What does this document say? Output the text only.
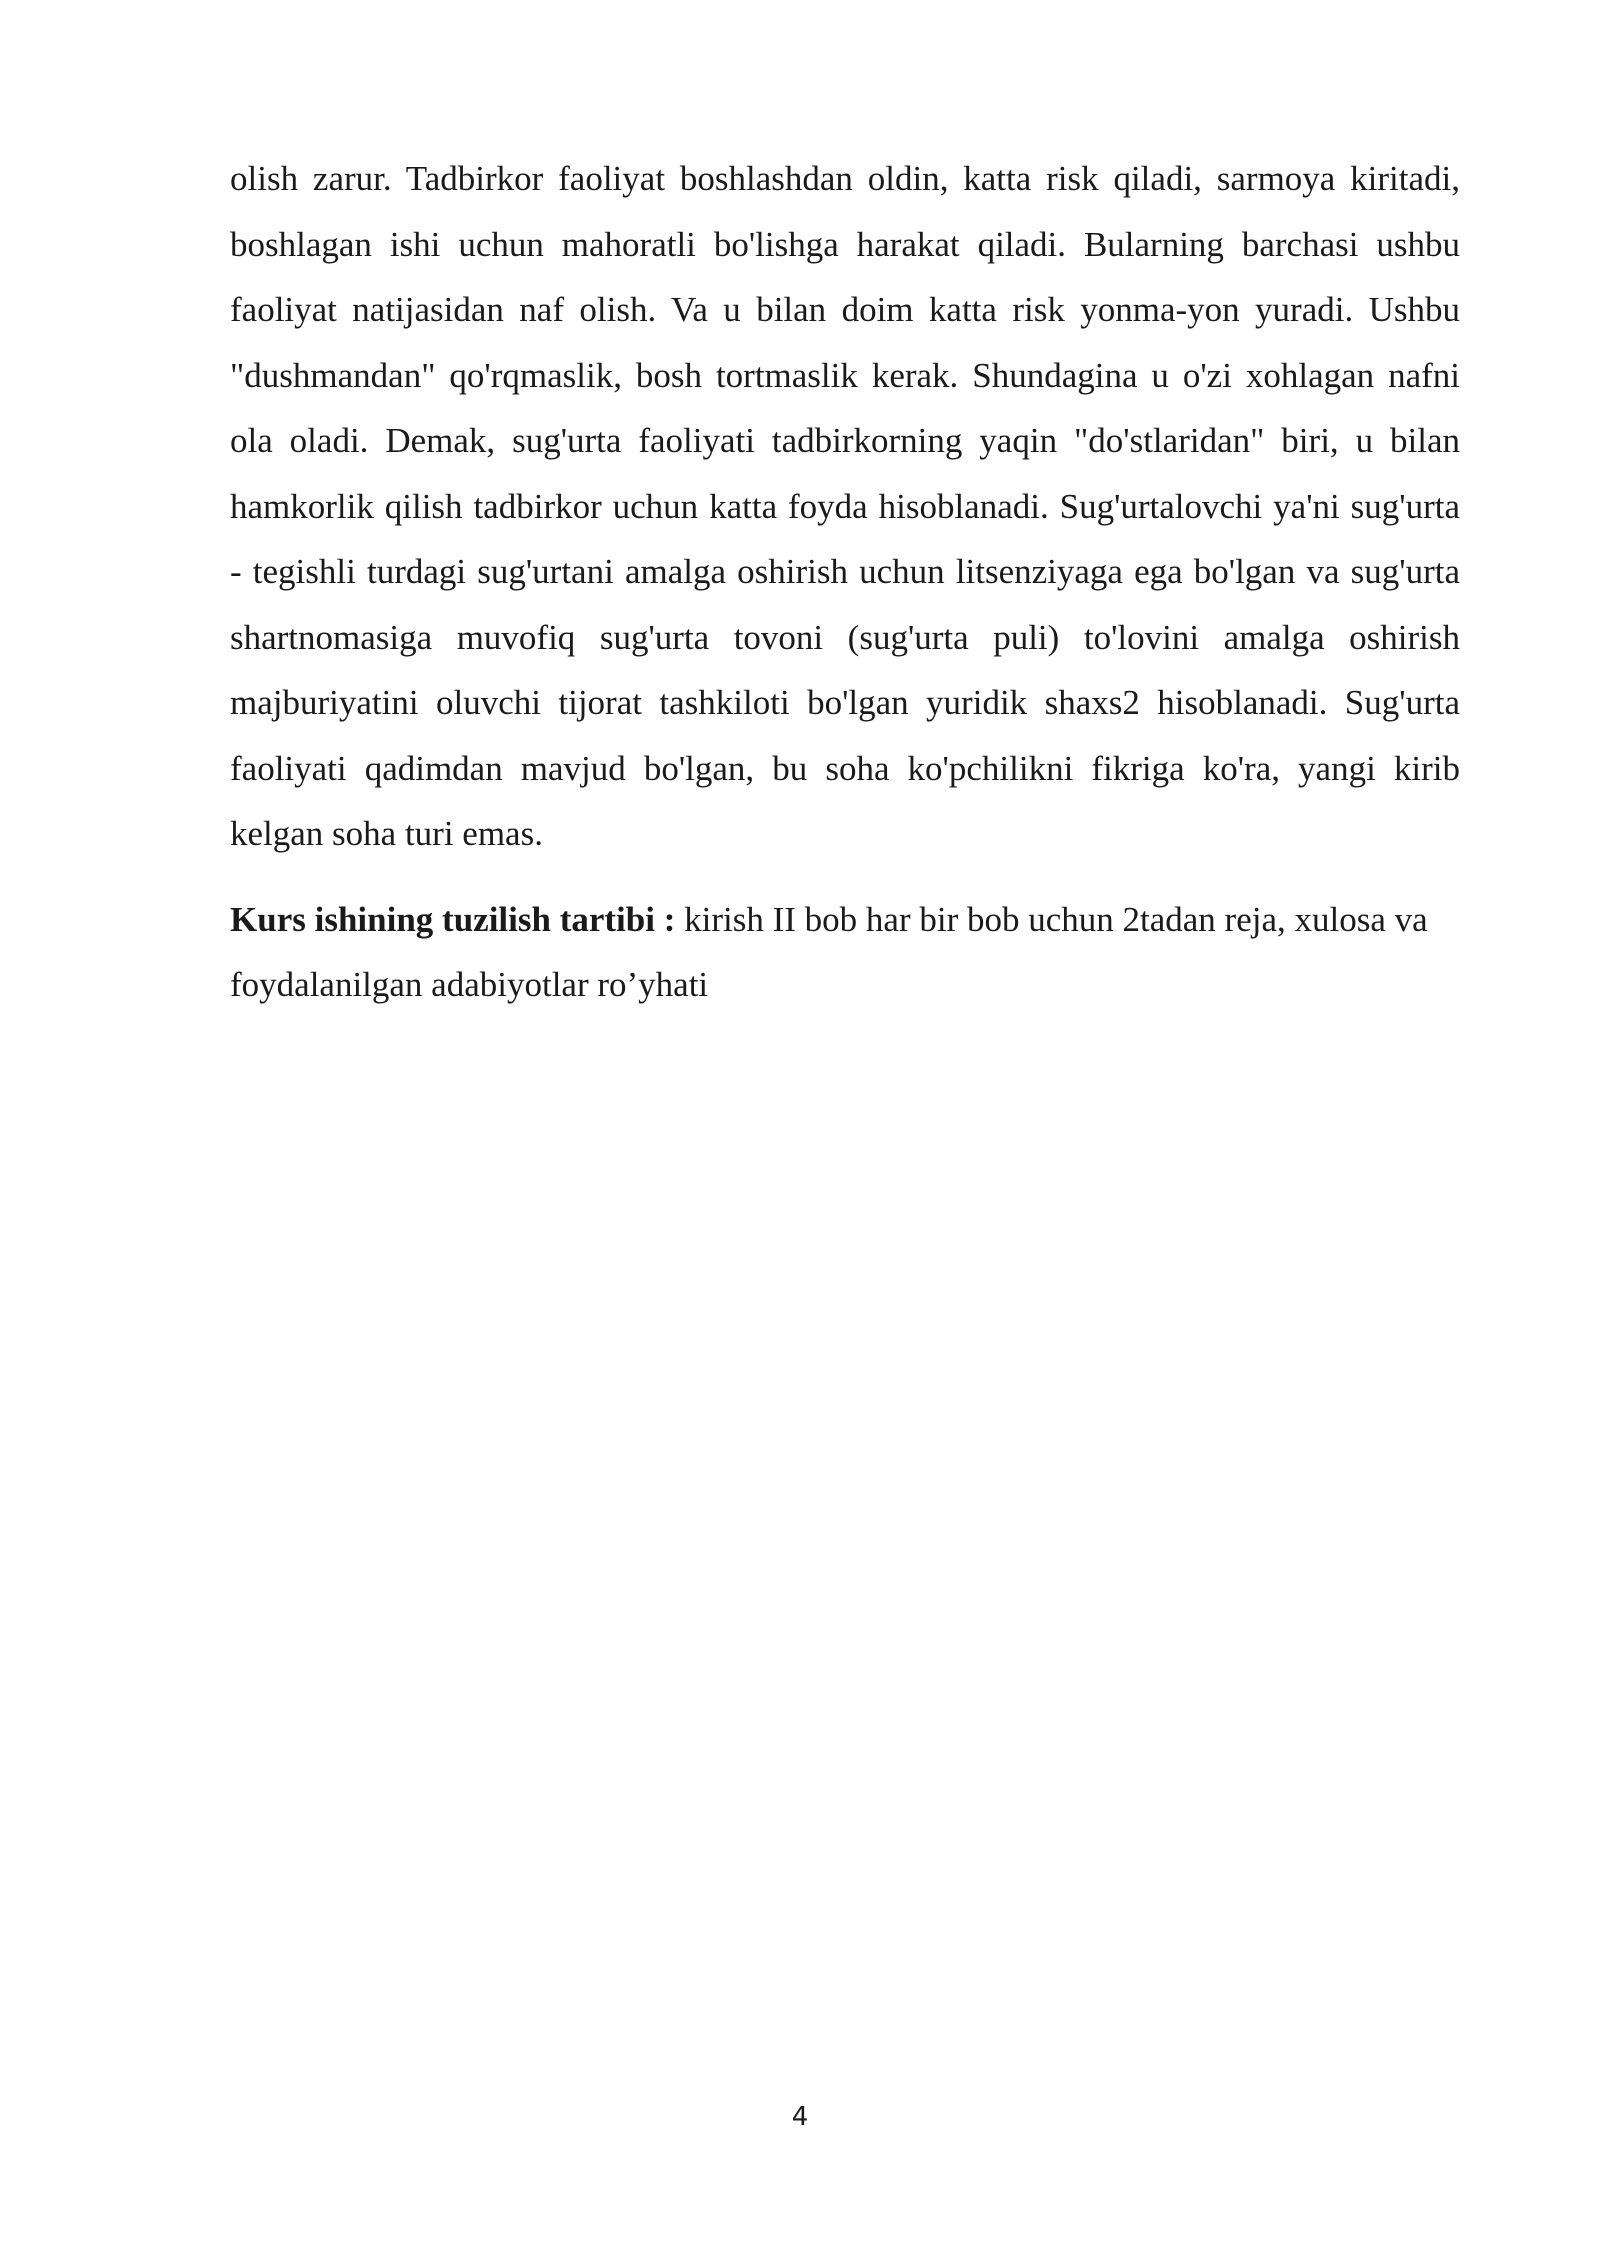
olish zarur. Tadbirkor faoliyat boshlashdan oldin, katta risk qiladi, sarmoya kiritadi, boshlagan ishi uchun mahoratli bo'lishga harakat qiladi. Bularning barchasi ushbu faoliyat natijasidan naf olish. Va u bilan doim katta risk yonma-yon yuradi. Ushbu "dushmandan" qo'rqmaslik, bosh tortmaslik kerak. Shundagina u o'zi xohlagan nafni ola oladi. Demak, sug'urta faoliyati tadbirkorning yaqin "do'stlaridan" biri, u bilan hamkorlik qilish tadbirkor uchun katta foyda hisoblanadi. Sug'urtalovchi ya'ni sug'urta - tegishli turdagi sug'urtani amalga oshirish uchun litsenziyaga ega bo'lgan va sug'urta shartnomasiga muvofiq sug'urta tovoni (sug'urta puli) to'lovini amalga oshirish majburiyatini oluvchi tijorat tashkiloti bo'lgan yuridik shaxs2 hisoblanadi. Sug'urta faoliyati qadimdan mavjud bo'lgan, bu soha ko'pchilikni fikriga ko'ra, yangi kirib kelgan soha turi emas.

Kurs ishining tuzilish tartibi : kirish II bob har bir bob uchun 2tadan reja, xulosa va foydalanilgan adabiyotlar ro’yhati

4
